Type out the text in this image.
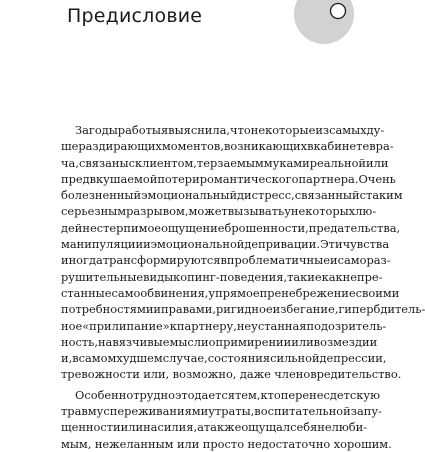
Предисловие
За годы работы я выяснила, что некоторые из самых ду-
шераздирающих моментов, возникающих в кабинете вра-
ча, связаны с клиентом, терзаемым муками реальной или
предвкушаемой потери романтического партнера. Очень
болезненный эмоциональный дистресс, связанный с таким
серьезным разрывом, может вызывать у некоторых лю-
дей нестерпимое ощущение брошенности, предательства,
манипуляции и эмоциональной депривации. Эти чувства
иногда трансформируются в проблематичные и саморaз-
рушительные виды копинг-поведения, такие как непре-
станные самообвинения, упрямое пренебрежение своими
потребностями и правами, ригидное избегание, гипербдитель-
ное «прилипание» к партнеру, неустанная подозритель-
ность, навязчивые мысли о примирении или возмездии
и, в самом худшем случае, состояния сильной депрессии,
тревожности или, возможно, даже членовредительство.
Особенно трудно это дается тем, кто перенес детскую
травму с переживаниями утраты, воспитательной запу-
щенности или насилия, а также ощущал себя нелюби-
мым, нежеланным или просто недостаточно хорошим.
